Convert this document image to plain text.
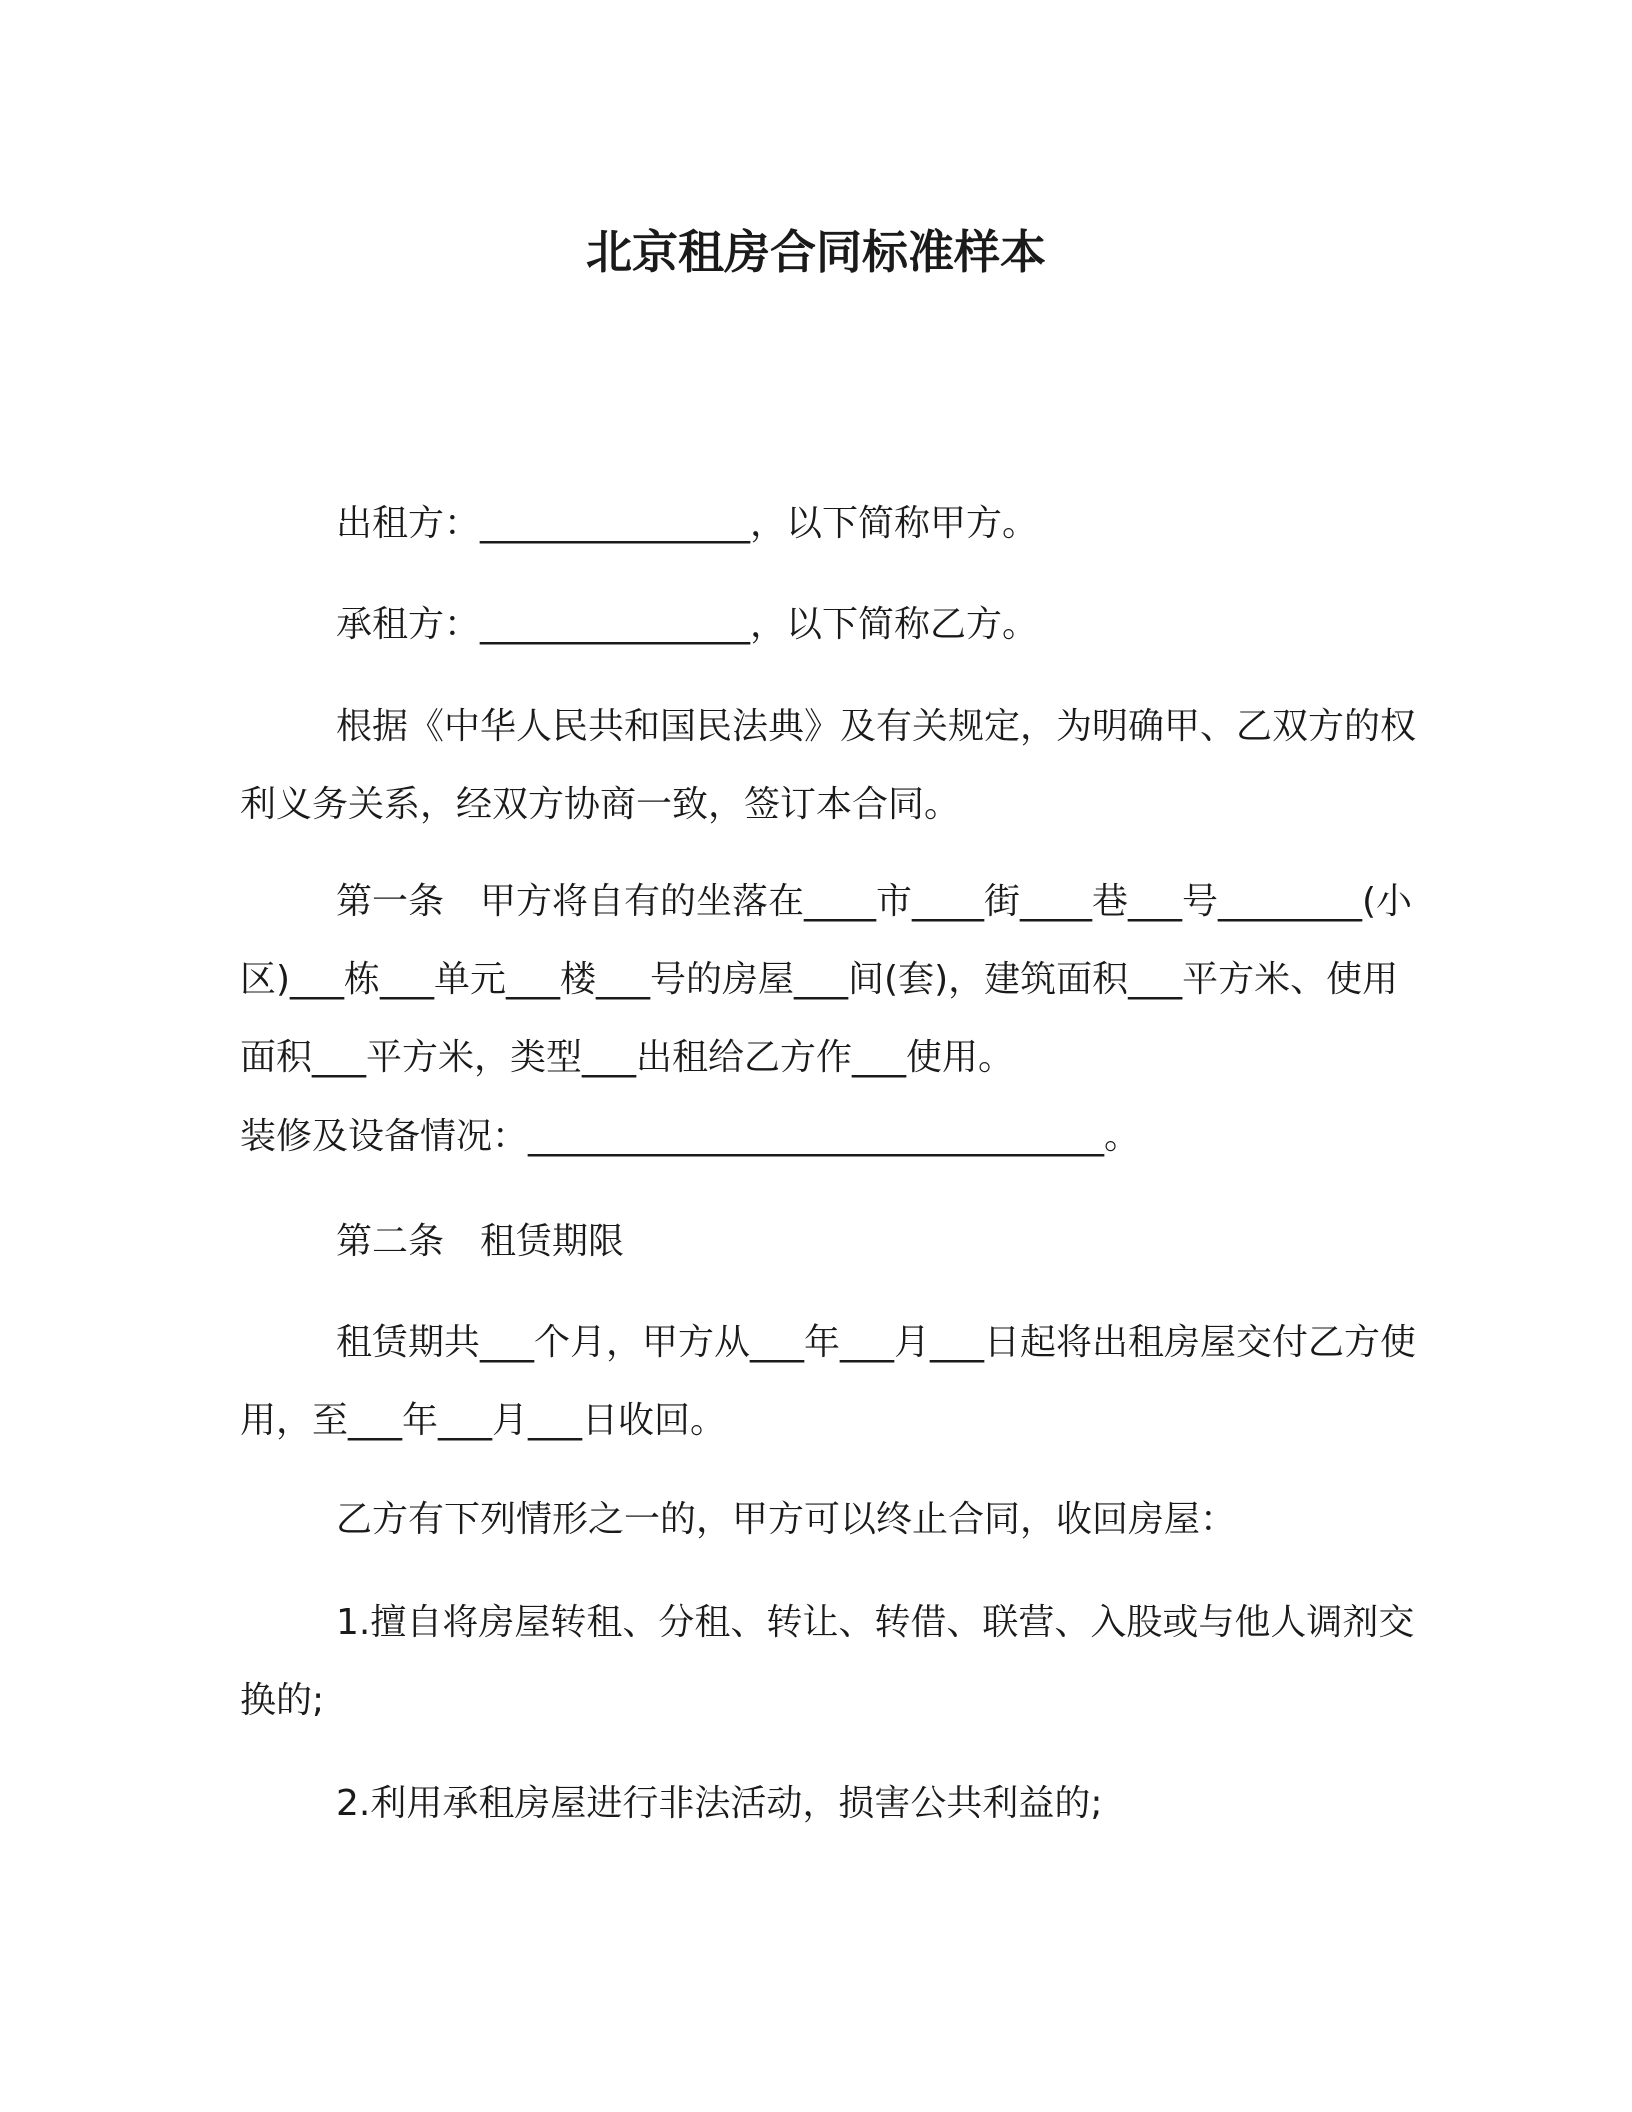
北京租房合同标准样本
出租方：_______________，以下简称甲方。
承租方：_______________，以下简称乙方。
根据《中华人民共和国民法典》及有关规定，为明确甲、乙双方的权利义务关系，经双方协商一致，签订本合同。
第一条　甲方将自有的坐落在____市____街____巷___号________(小区)___栋___单元___楼___号的房屋___间(套)，建筑面积___平方米、使用面积___平方米，类型___出租给乙方作___使用。
装修及设备情况：________________________________。
第二条　租赁期限
租赁期共___个月，甲方从___年___月___日起将出租房屋交付乙方使用，至___年___月___日收回。
乙方有下列情形之一的，甲方可以终止合同，收回房屋：
1.擅自将房屋转租、分租、转让、转借、联营、入股或与他人调剂交换的;
2.利用承租房屋进行非法活动，损害公共利益的;
